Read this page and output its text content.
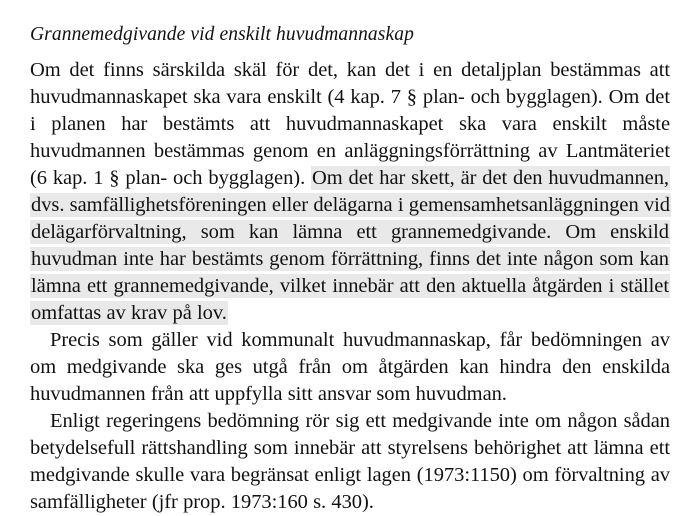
Grannemedgivande vid enskilt huvudmannaskap

Om det finns särskilda skäl för det, kan det i en detaljplan bestämmas att huvudmannaskapet ska vara enskilt (4 kap. 7 § plan- och bygglagen). Om det i planen har bestämts att huvudmannaskapet ska vara enskilt måste huvudmannen bestämmas genom en anläggningsförrättning av Lantmäteriet (6 kap. 1 § plan- och bygglagen). Om det har skett, är det den huvudmannen, dvs. samfällighetsföreningen eller delägarna i gemensamhetsanläggningen vid delägarförvaltning, som kan lämna ett grannemedgivande. Om enskild huvudman inte har bestämts genom förrättning, finns det inte någon som kan lämna ett grannemedgivande, vilket innebär att den aktuella åtgärden i stället omfattas av krav på lov.

Precis som gäller vid kommunalt huvudmannaskap, får bedömningen av om medgivande ska ges utgå från om åtgärden kan hindra den enskilda huvudmannen från att uppfylla sitt ansvar som huvudman.

Enligt regeringens bedömning rör sig ett medgivande inte om någon sådan betydelsefull rättshandling som innebär att styrelsens behörighet att lämna ett medgivande skulle vara begränsat enligt lagen (1973:1150) om förvaltning av samfälligheter (jfr prop. 1973:160 s. 430).
